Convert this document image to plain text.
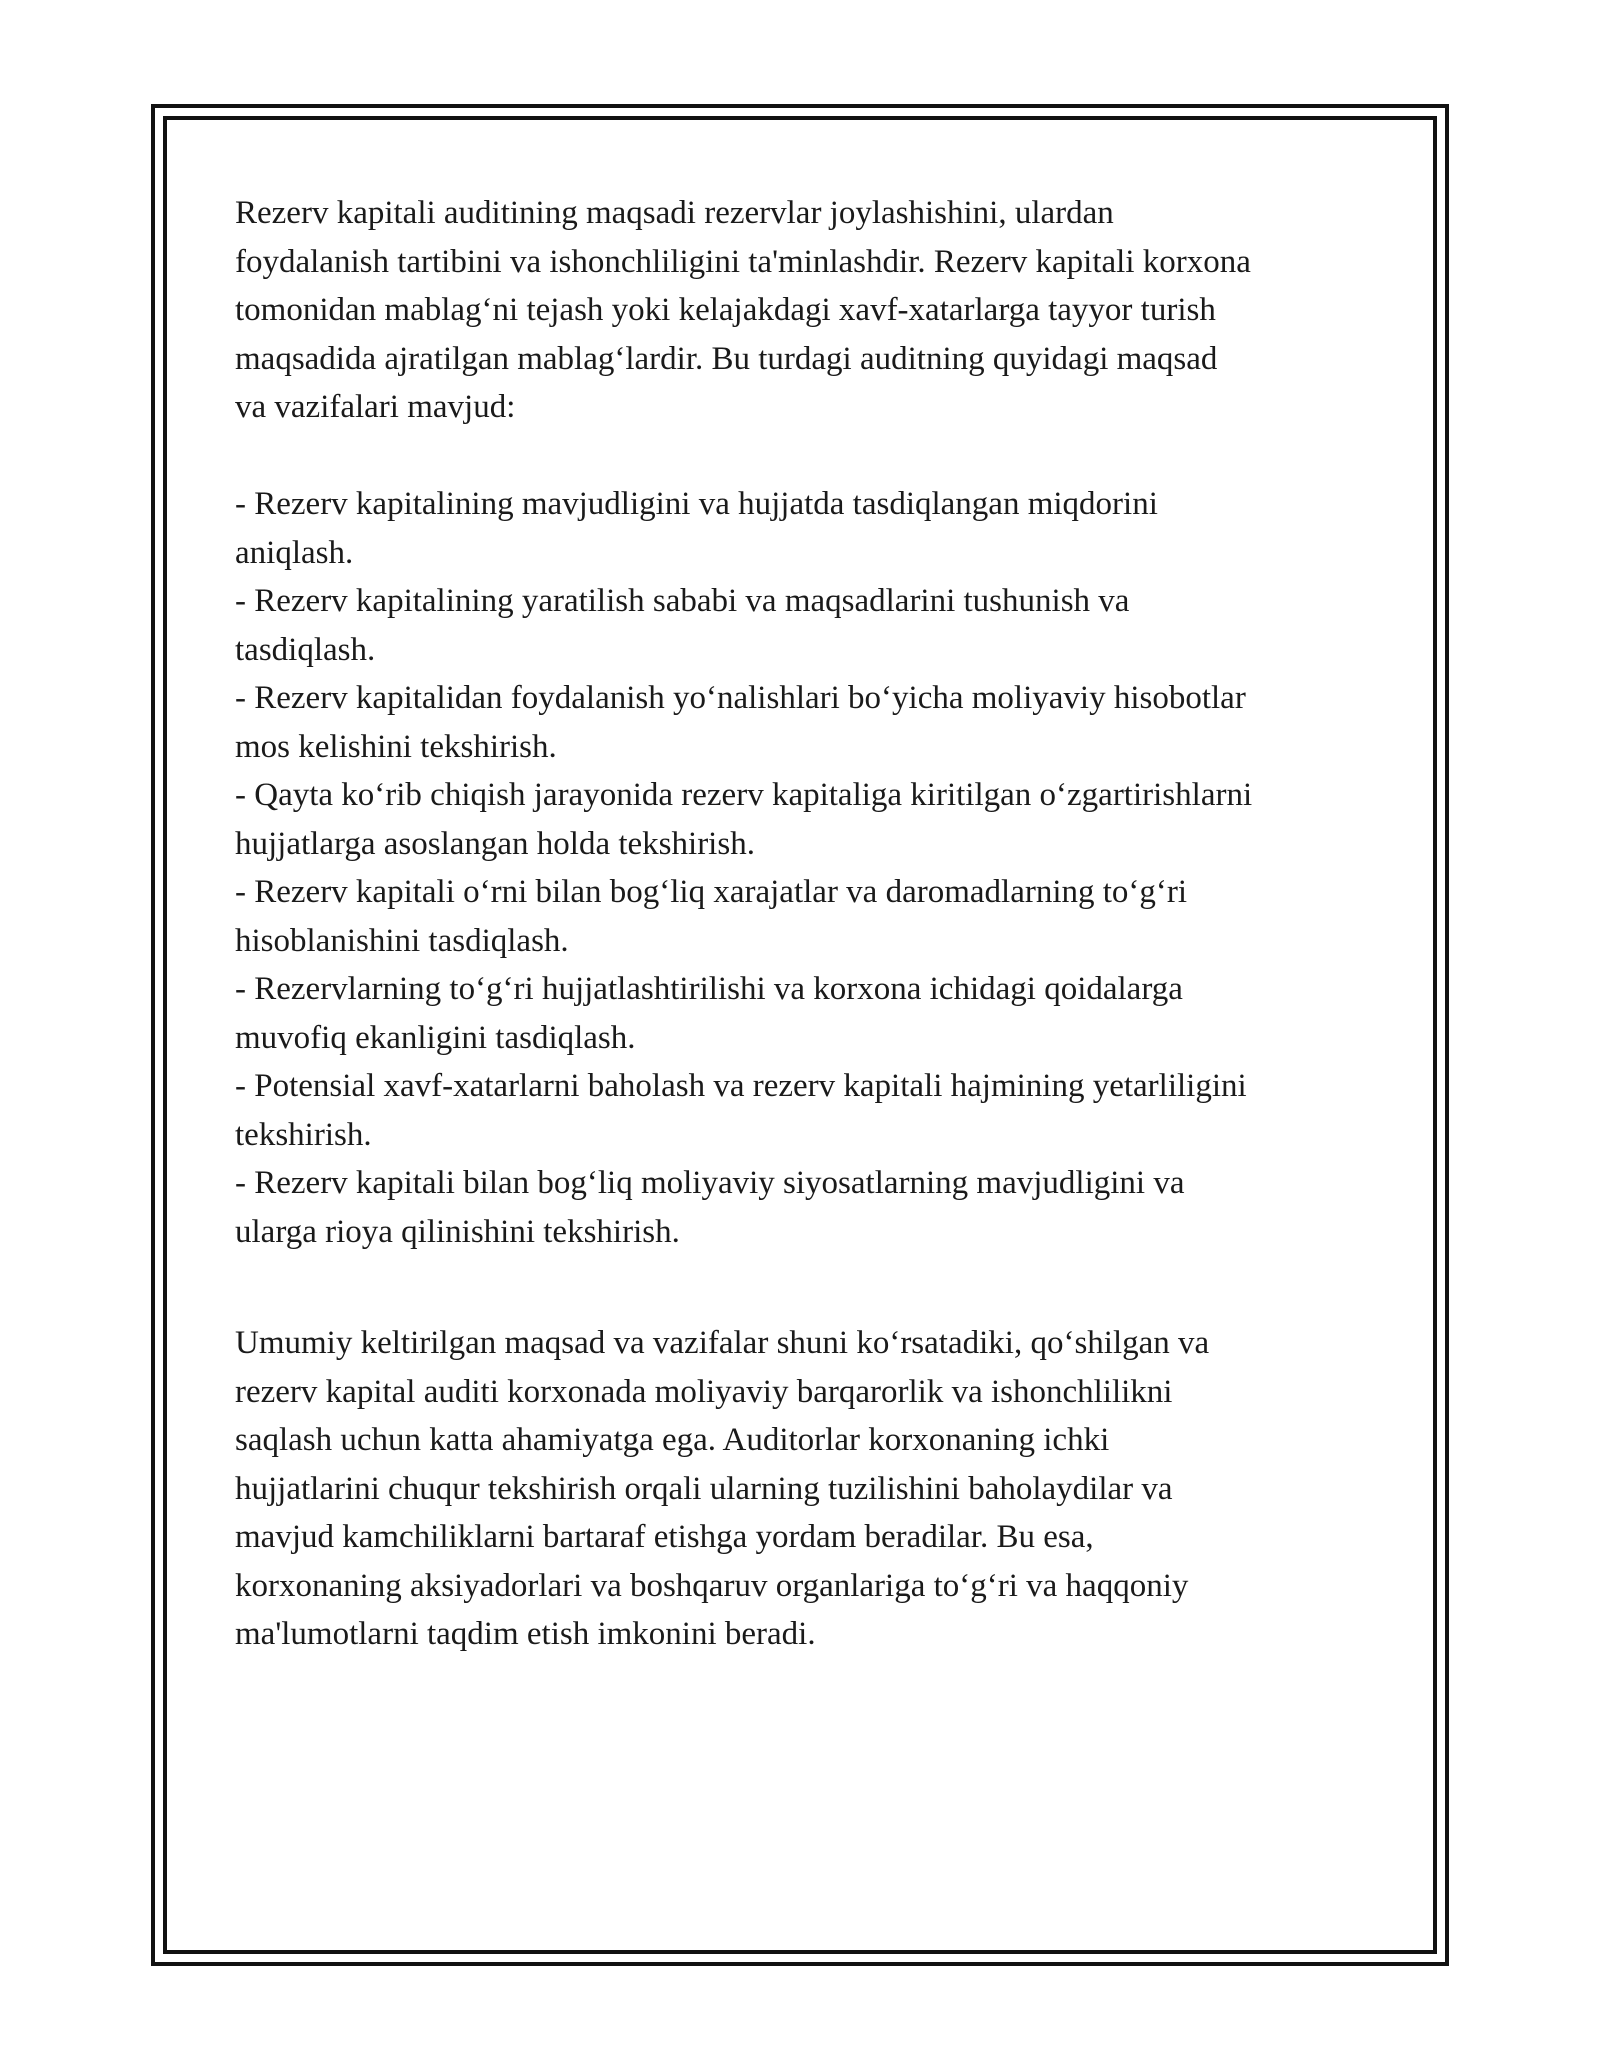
Rezerv kapitali auditining maqsadi rezervlar joylashishini, ulardan
foydalanish tartibini va ishonchliligini ta'minlashdir. Rezerv kapitali korxona
tomonidan mablag‘ni tejash yoki kelajakdagi xavf-xatarlarga tayyor turish
maqsadida ajratilgan mablag‘lardir. Bu turdagi auditning quyidagi maqsad
va vazifalari mavjud:

- Rezerv kapitalining mavjudligini va hujjatda tasdiqlangan miqdorini
aniqlash.
- Rezerv kapitalining yaratilish sababi va maqsadlarini tushunish va
tasdiqlash.
- Rezerv kapitalidan foydalanish yo‘nalishlari bo‘yicha moliyaviy hisobotlar
mos kelishini tekshirish.
- Qayta ko‘rib chiqish jarayonida rezerv kapitaliga kiritilgan o‘zgartirishlarni
hujjatlarga asoslangan holda tekshirish.
- Rezerv kapitali o‘rni bilan bog‘liq xarajatlar va daromadlarning to‘g‘ri
hisoblanishini tasdiqlash.
- Rezervlarning to‘g‘ri hujjatlashtirilishi va korxona ichidagi qoidalarga
muvofiq ekanligini tasdiqlash.
- Potensial xavf-xatarlarni baholash va rezerv kapitali hajmining yetarliligini
tekshirish.
- Rezerv kapitali bilan bog‘liq moliyaviy siyosatlarning mavjudligini va
ularga rioya qilinishini tekshirish.

Umumiy keltirilgan maqsad va vazifalar shuni ko‘rsatadiki, qo‘shilgan va
rezerv kapital auditi korxonada moliyaviy barqarorlik va ishonchlilikni
saqlash uchun katta ahamiyatga ega. Auditorlar korxonaning ichki
hujjatlarini chuqur tekshirish orqali ularning tuzilishini baholaydilar va
mavjud kamchiliklarni bartaraf etishga yordam beradilar. Bu esa,
korxonaning aksiyadorlari va boshqaruv organlariga to‘g‘ri va haqqoniy
ma'lumotlarni taqdim etish imkonini beradi.
